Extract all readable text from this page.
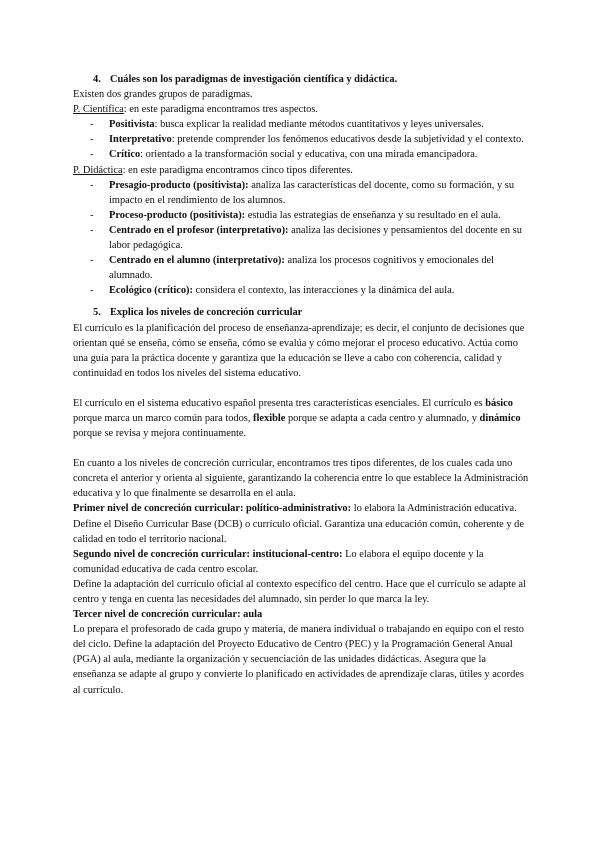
4. Cuáles son los paradigmas de investigación científica y didáctica.

Existen dos grandes grupos de paradigmas.

P. Científica: en este paradigma encontramos tres aspectos.

- Positivista: busca explicar la realidad mediante métodos cuantitativos y leyes universales.
- Interpretativo: pretende comprender los fenómenos educativos desde la subjetividad y el contexto.
- Crítico: orientado a la transformación social y educativa, con una mirada emancipadora.

P. Didáctica: en este paradigma encontramos cinco tipos diferentes.

- Presagio-producto (positivista): analiza las características del docente, como su formación, y su impacto en el rendimiento de los alumnos.
- Proceso-producto (positivista): estudia las estrategias de enseñanza y su resultado en el aula.
- Centrado en el profesor (interpretativo): analiza las decisiones y pensamientos del docente en su labor pedagógica.
- Centrado en el alumno (interpretativo): analiza los procesos cognitivos y emocionales del alumnado.
- Ecológico (crítico): considera el contexto, las interacciones y la dinámica del aula.

5. Explica los niveles de concreción curricular

El currículo es la planificación del proceso de enseñanza-aprendizaje; es decir, el conjunto de decisiones que orientan qué se enseña, cómo se enseña, cómo se evalúa y cómo mejorar el proceso educativo. Actúa como una guía para la práctica docente y garantiza que la educación se lleve a cabo con coherencia, calidad y continuidad en todos los niveles del sistema educativo.

El currículo en el sistema educativo español presenta tres características esenciales. El currículo es básico porque marca un marco común para todos, flexible porque se adapta a cada centro y alumnado, y dinámico porque se revisa y mejora continuamente.

En cuanto a los niveles de concreción curricular, encontramos tres tipos diferentes, de los cuales cada uno concreta el anterior y orienta al siguiente, garantizando la coherencia entre lo que establece la Administración educativa y lo que finalmente se desarrolla en el aula.

Primer nivel de concreción curricular: político-administrativo: lo elabora la Administración educativa. Define el Diseño Curricular Base (DCB) o currículo oficial. Garantiza una educación común, coherente y de calidad en todo el territorio nacional.

Segundo nivel de concreción curricular: institucional-centro: Lo elabora el equipo docente y la comunidad educativa de cada centro escolar.

Define la adaptación del currículo oficial al contexto específico del centro. Hace que el currículo se adapte al centro y tenga en cuenta las necesidades del alumnado, sin perder lo que marca la ley.

Tercer nivel de concreción curricular: aula

Lo prepara el profesorado de cada grupo y materia, de manera individual o trabajando en equipo con el resto del ciclo. Define la adaptación del Proyecto Educativo de Centro (PEC) y la Programación General Anual (PGA) al aula, mediante la organización y secuenciación de las unidades didácticas. Asegura que la enseñanza se adapte al grupo y convierte lo planificado en actividades de aprendizaje claras, útiles y acordes al currículo.
